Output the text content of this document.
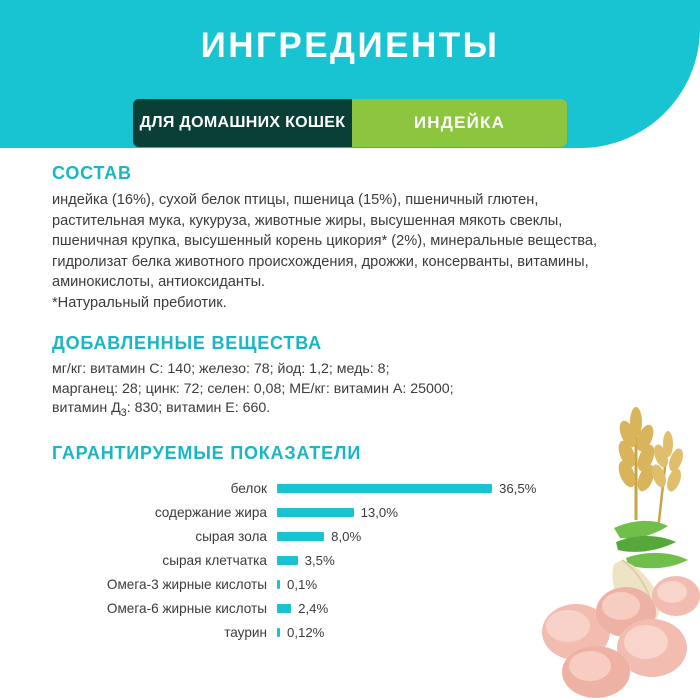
ИНГРЕДИЕНТЫ
ДЛЯ ДОМАШНИХ КОШЕК	ИНДЕЙКА
СОСТАВ

индейка (16%), сухой белок птицы, пшеница (15%), пшеничный глютен, растительная мука, кукуруза, животные жиры, высушенная мякоть свеклы, пшеничная крупка, высушенный корень цикория* (2%), минеральные вещества, гидролизат белка животного происхождения, дрожжи, консерванты, витамины, аминокислоты, антиоксиданты.

*Натуральный пребиотик.

ДОБАВЛЕННЫЕ ВЕЩЕСТВА

мг/кг: витамин C: 140; железо: 78; йод: 1,2; медь: 8;

марганец: 28; цинк: 72; селен: 0,08; МЕ/кг: витамин A: 25000;

витамин $Д_3$: 830; витамин E: 660.

ГАРАНТИРУЕМЫЕ ПОКАЗАТЕЛИ
белок	36,5%
содержание жира	13,0%
сырая зола	8,0%
сырая клетчатка	3,5%
Омега-3 жирные кислоты	0,1%
Омега-6 жирные кислоты	2,4%
таурин	0,12%
